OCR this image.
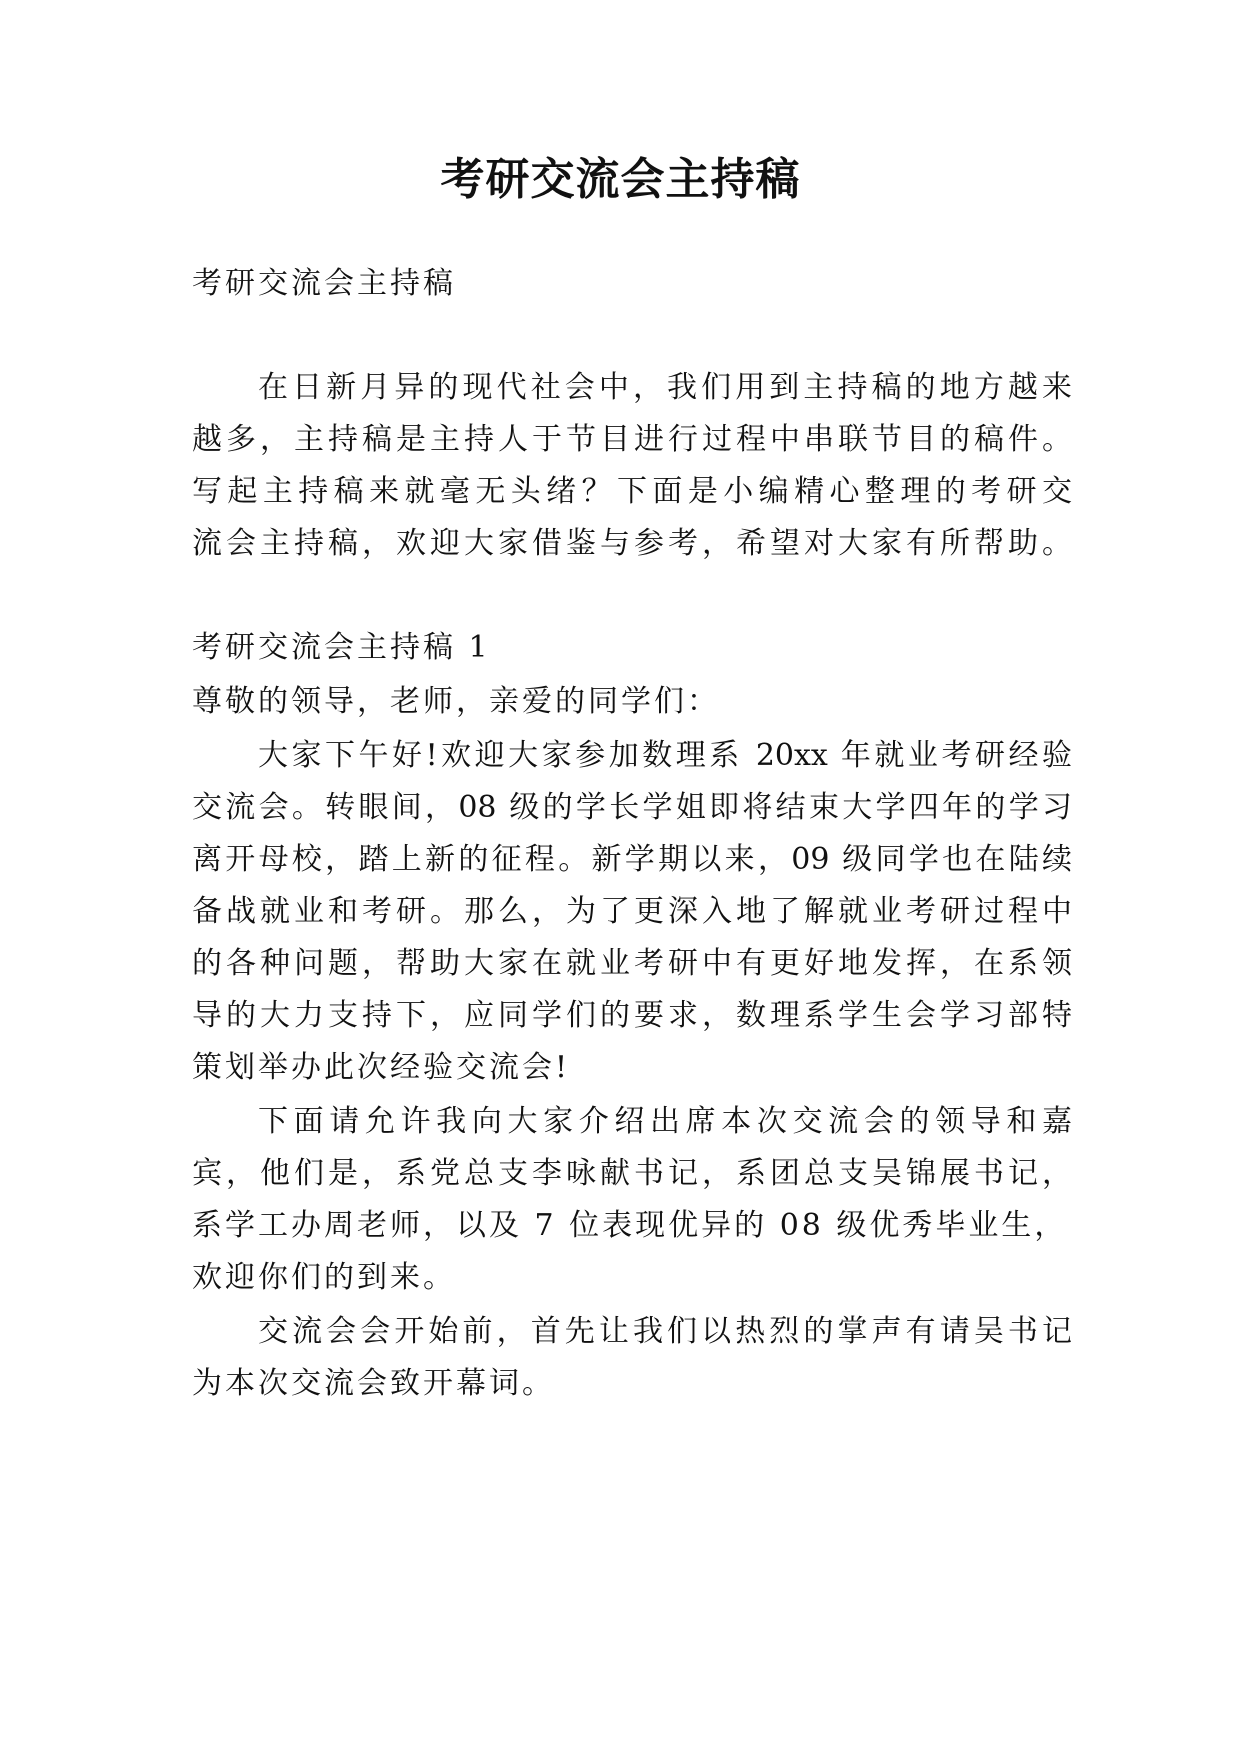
考研交流会主持稿
考研交流会主持稿
在日新月异的现代社会中，我们用到主持稿的地方越来
越多，主持稿是主持人于节目进行过程中串联节目的稿件。
写起主持稿来就毫无头绪？下面是小编精心整理的考研交
流会主持稿，欢迎大家借鉴与参考，希望对大家有所帮助。
考研交流会主持稿 1
尊敬的领导，老师，亲爱的同学们：
大家下午好!欢迎大家参加数理系 20xx 年就业考研经验
交流会。转眼间，08 级的学长学姐即将结束大学四年的学习
离开母校，踏上新的征程。新学期以来，09 级同学也在陆续
备战就业和考研。那么，为了更深入地了解就业考研过程中
的各种问题，帮助大家在就业考研中有更好地发挥，在系领
导的大力支持下，应同学们的要求，数理系学生会学习部特
策划举办此次经验交流会!
下面请允许我向大家介绍出席本次交流会的领导和嘉
宾，他们是，系党总支李咏献书记，系团总支吴锦展书记，
系学工办周老师，以及 7 位表现优异的 08 级优秀毕业生，
欢迎你们的到来。
交流会会开始前，首先让我们以热烈的掌声有请吴书记
为本次交流会致开幕词。
